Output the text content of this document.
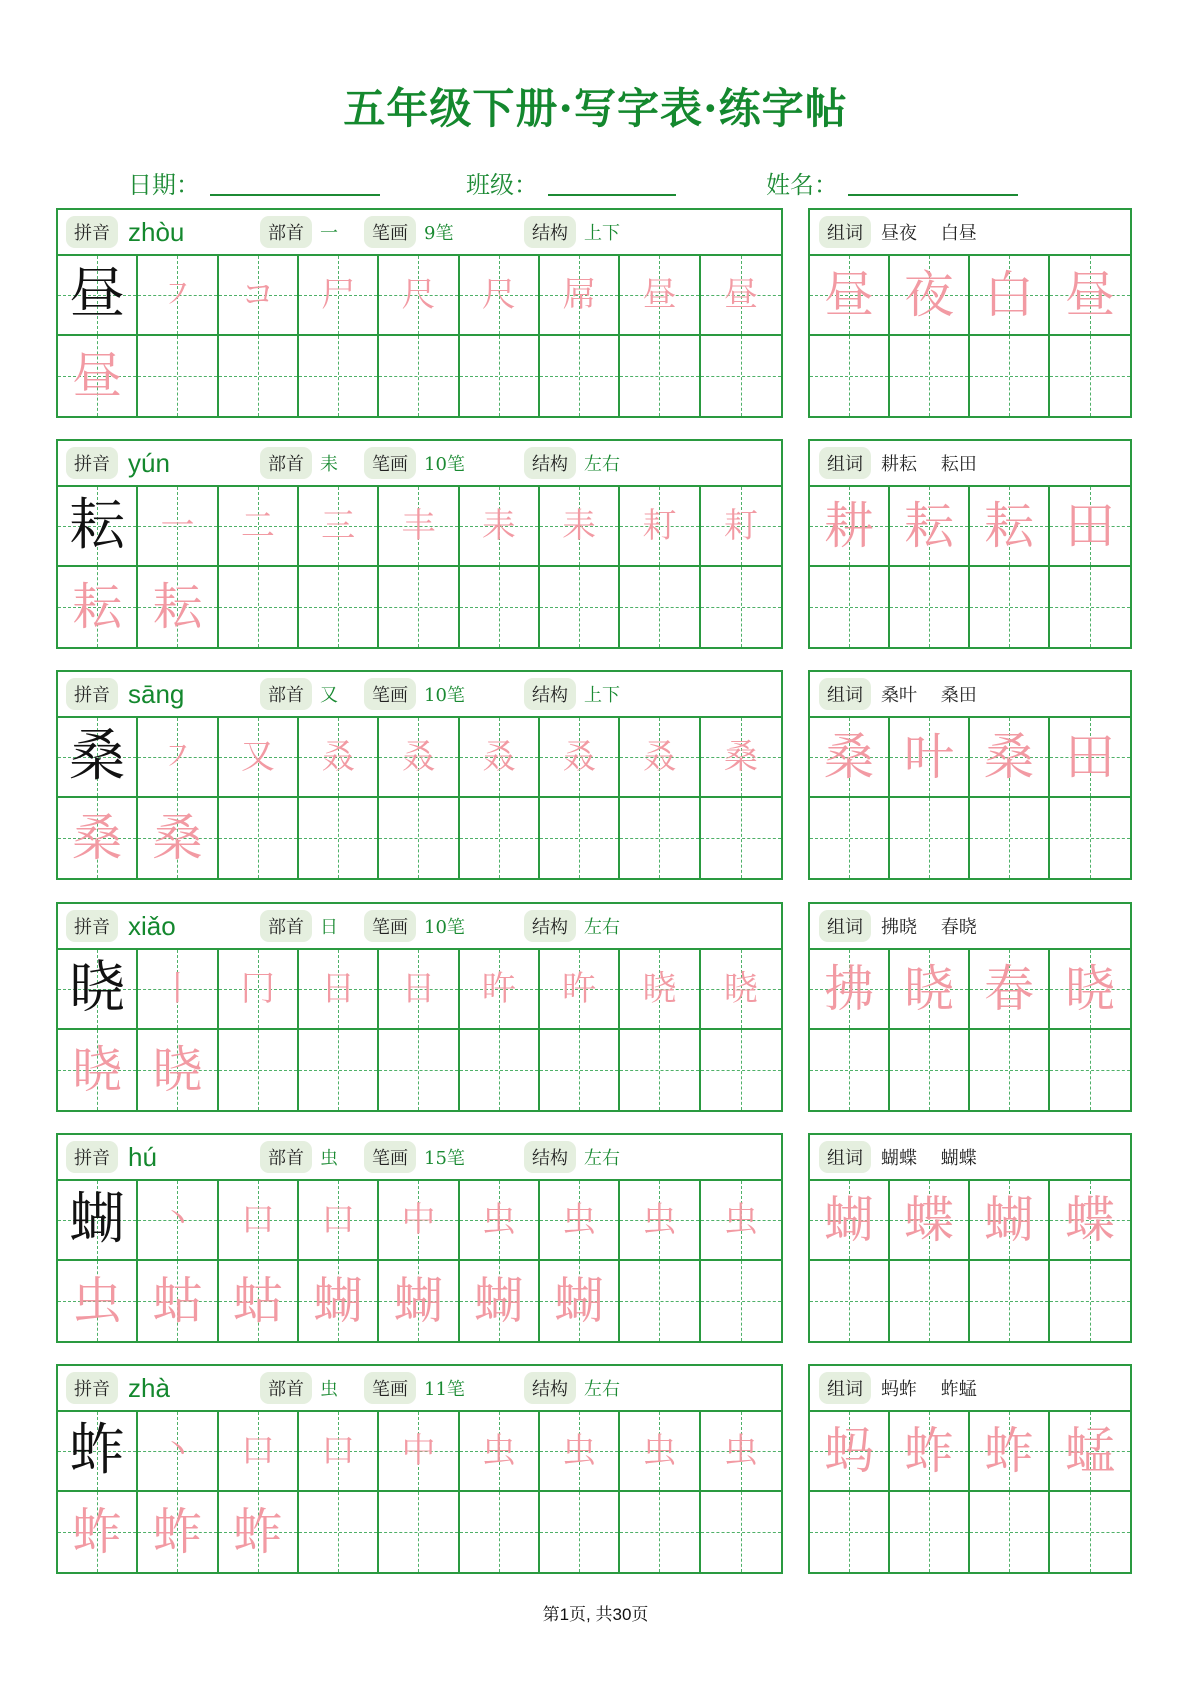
五年级下册·写字表·练字帖
日期：	班级：	姓名：
拼音 zhòu	部首 一	笔画 9笔	结构 上下
昼 ㇇ コ 尸 尺 尺 屌 昼 昼
昼
组词	昼夜 白昼
昼 夜 白 昼
拼音 yún	部首 耒	笔画 10笔	结构 左右
耘 一 二 三 丰 耒 耒 耓 耓
耘 耘
组词	耕耘 耘田
耕 耘 耘 田
拼音 sāng	部首 又	笔画 10笔	结构 上下
桑 ㇇ 又 叒 叒 叒 叒 叒 桑
桑 桑
组词	桑叶 桑田
桑 叶 桑 田
拼音 xiǎo	部首 日	笔画 10笔	结构 左右
晓 丨 冂 日 日 旿 旿 晓 晓
晓 晓
组词	拂晓 春晓
拂 晓 春 晓
拼音 hú	部首 虫	笔画 15笔	结构 左右
蝴 丶 口 口 中 虫 虫 虫 虫
虫 蛄 蛄 蝴 蝴 蝴 蝴
组词	蝴蝶 蝴蝶
蝴 蝶 蝴 蝶
拼音 zhà	部首 虫	笔画 11笔	结构 左右
蚱 丶 口 口 中 虫 虫 虫 虫
蚱 蚱 蚱
组词	蚂蚱 蚱蜢
蚂 蚱 蚱 蜢
第1页, 共30页
